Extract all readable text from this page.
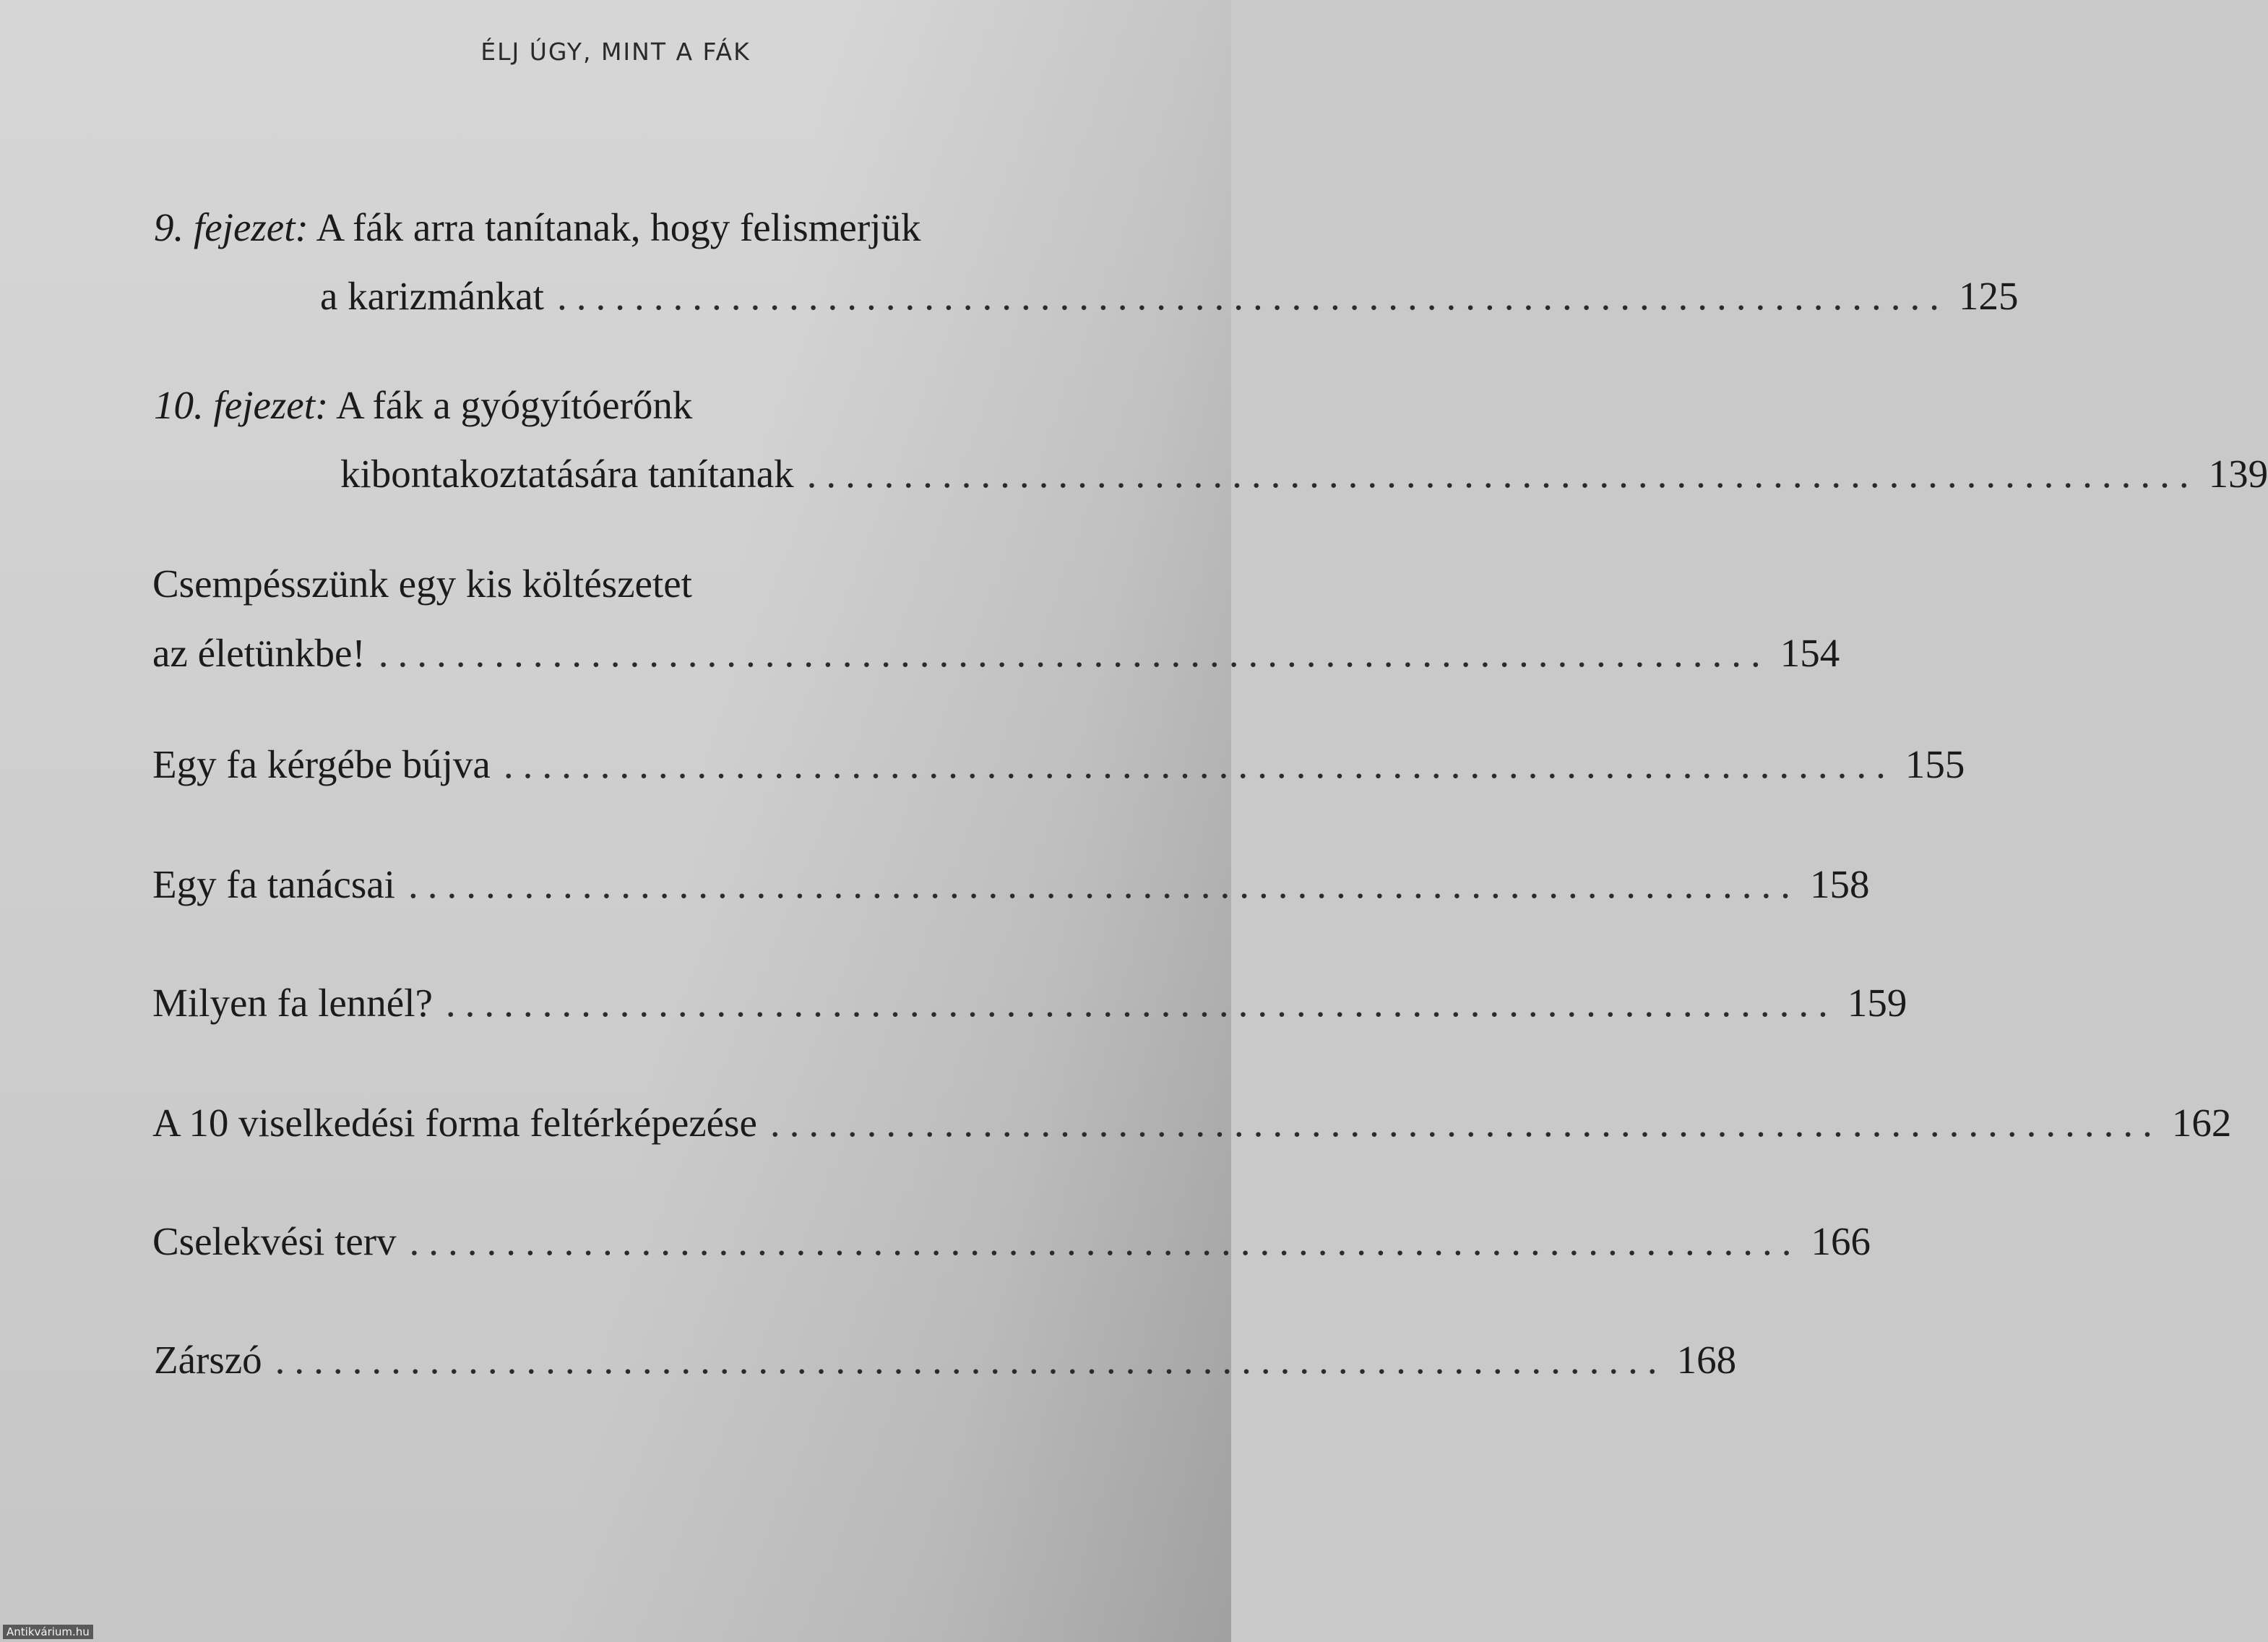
ÉLJ ÚGY, MINT A FÁK
9. fejezet: A fák arra tanítanak, hogy felismerjük
a karizmánkat ........................................................................ 125
10. fejezet: A fák a gyógyítóerőnk
kibontakoztatására tanítanak ........................................................................ 139
Csempésszünk egy kis költészetet
az életünkbe! ........................................................................ 154
Egy fa kérgébe bújva ........................................................................ 155
Egy fa tanácsai ........................................................................ 158
Milyen fa lennél? ........................................................................ 159
A 10 viselkedési forma feltérképezése ........................................................................ 162
Cselekvési terv ........................................................................ 166
Zárszó ........................................................................ 168
Antikvárium.hu
